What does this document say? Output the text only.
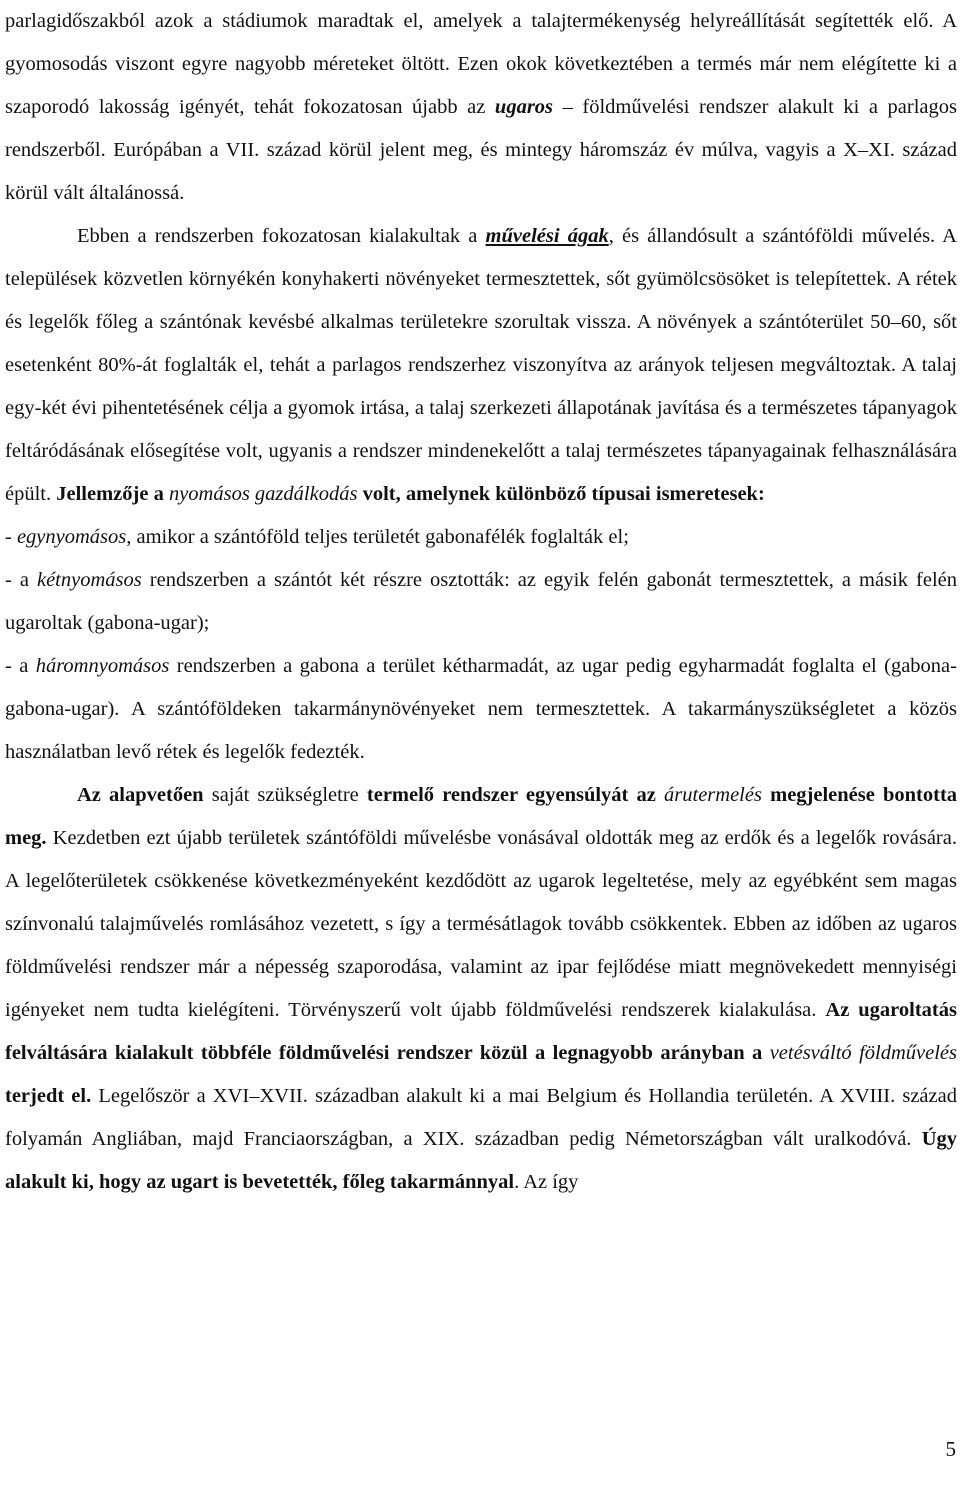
parlagidőszakból azok a stádiumok maradtak el, amelyek a talajtermékenység helyreállítását segítették elő. A gyomosodás viszont egyre nagyobb méreteket öltött. Ezen okok következtében a termés már nem elégítette ki a szaporodó lakosság igényét, tehát fokozatosan újabb az ugaros – földművelési rendszer alakult ki a parlagos rendszerből. Európában a VII. század körül jelent meg, és mintegy háromszáz év múlva, vagyis a X–XI. század körül vált általánossá.

Ebben a rendszerben fokozatosan kialakultak a művelési ágak, és állandósult a szántóföldi művelés. A települések közvetlen környékén konyhakerti növényeket termesztettek, sőt gyümölcsösöket is telepítettek. A rétek és legelők főleg a szántónak kevésbé alkalmas területekre szorultak vissza. A növények a szántóterület 50–60, sőt esetenként 80%-át foglalták el, tehát a parlagos rendszerhez viszonyítva az arányok teljesen megváltoztak. A talaj egy-két évi pihentetésének célja a gyomok irtása, a talaj szerkezeti állapotának javítása és a természetes tápanyagok feltáródásának elősegítése volt, ugyanis a rendszer mindenekelőtt a talaj természetes tápanyagainak felhasználására épült. Jellemzője a nyomásos gazdálkodás volt, amelynek különböző típusai ismeretesek:

- egynyomásos, amikor a szántóföld teljes területét gabonafélék foglalták el;

- a kétnyomásos rendszerben a szántót két részre osztották: az egyik felén gabonát termesztettek, a másik felén ugaroltak (gabona-ugar);

- a háromnyomásos rendszerben a gabona a terület kétharmadát, az ugar pedig egyharmadát foglalta el (gabona-gabona-ugar). A szántóföldeken takarmánynövényeket nem termesztettek. A takarmányszükségletet a közös használatban levő rétek és legelők fedezték.

Az alapvetően saját szükségletre termelő rendszer egyensúlyát az árutermelés megjelenése bontotta meg. Kezdetben ezt újabb területek szántóföldi művelésbe vonásával oldották meg az erdők és a legelők rovására. A legelőterületek csökkenése következményeként kezdődött az ugarok legeltetése, mely az egyébként sem magas színvonalú talajművelés romlásához vezetett, s így a termésátlagok tovább csökkentek. Ebben az időben az ugaros földművelési rendszer már a népesség szaporodása, valamint az ipar fejlődése miatt megnövekedett mennyiségi igényeket nem tudta kielégíteni. Törvényszerű volt újabb földművelési rendszerek kialakulása. Az ugaroltatás felváltására kialakult többféle földművelési rendszer közül a legnagyobb arányban a vetésváltó földművelés terjedt el. Legelőször a XVI–XVII. században alakult ki a mai Belgium és Hollandia területén. A XVIII. század folyamán Angliában, majd Franciaországban, a XIX. században pedig Németországban vált uralkodóvá. Úgy alakult ki, hogy az ugart is bevetették, főleg takarmánnyal. Az így

5
